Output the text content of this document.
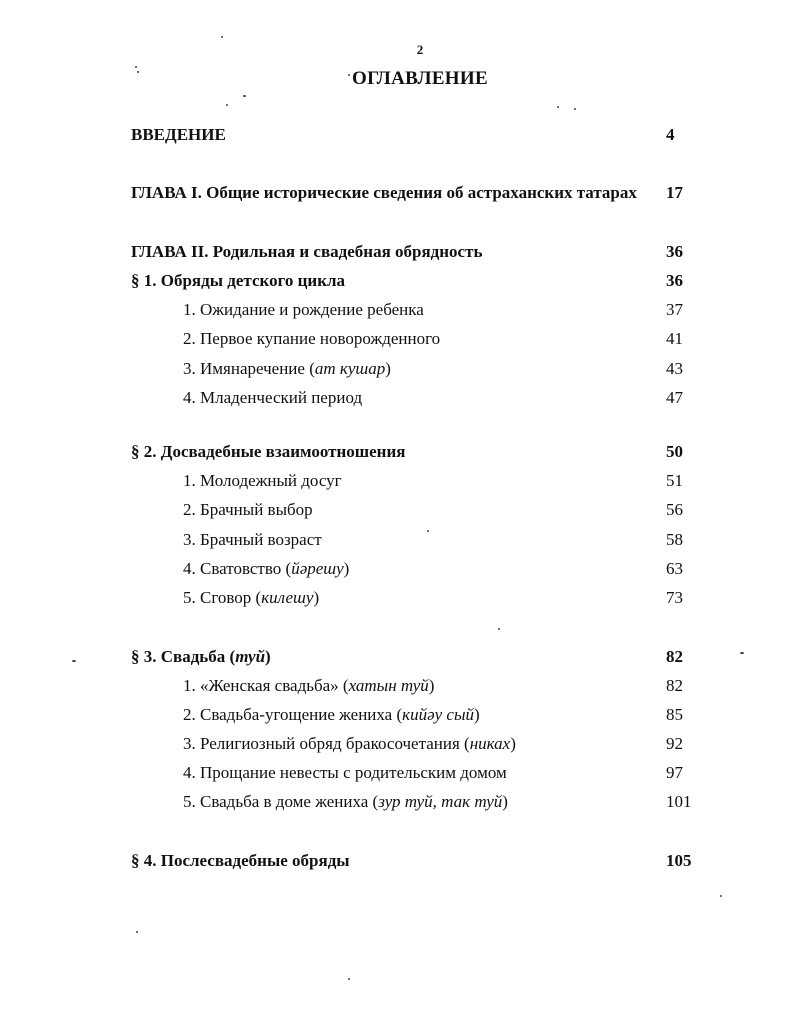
2
ОГЛАВЛЕНИЕ
ВВЕДЕНИЕ	4
ГЛАВА I. Общие исторические сведения об астраханских татарах 17
ГЛАВА II. Родильная и свадебная обрядность	36
§ 1. Обряды детского цикла	36
1. Ожидание и рождение ребенка	37
2. Первое купание новорожденного	41
3. Имянаречение (ат кушар)	43
4. Младенческий период	47
§ 2. Досвадебные взаимоотношения	50
1. Молодежный досуг	51
2. Брачный выбор	56
3. Брачный возраст	58
4. Сватовство (йәрешу)	63
5. Сговор (килешу)	73
§ 3. Свадьба (туй)	82
1. «Женская свадьба» (хатын туй)	82
2. Свадьба-угощение жениха (кийәу сый)	85
3. Религиозный обряд бракосочетания (никах)	92
4. Прощание невесты с родительским домом	97
5. Свадьба в доме жениха (зур туй, так туй)	101
§ 4. Послесвадебные обряды	105
